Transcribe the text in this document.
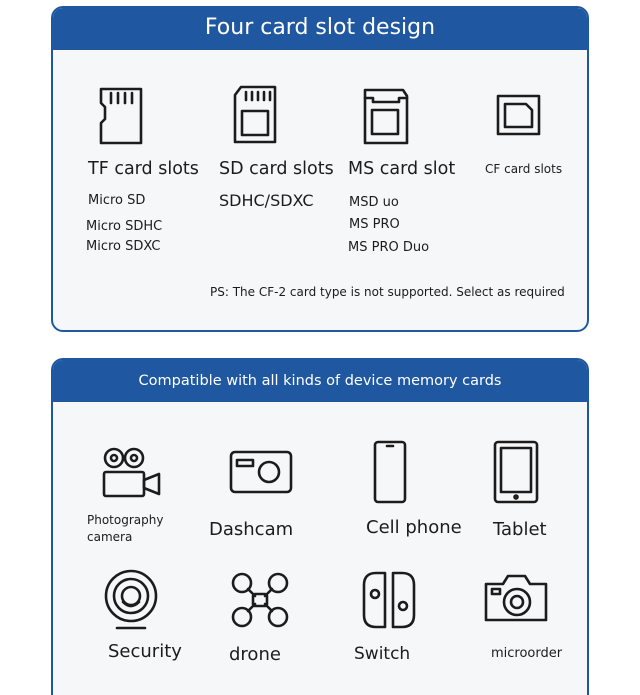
Four card slot design
TF card slots
Micro SD
Micro SDHC
Micro SDXC
SD card slots
SDHC/SDXC
MS card slot
MSD uo
MS PRO
MS PRO Duo
CF card slots
PS: The CF-2 card type is not supported. Select as required
Compatible with all kinds of device memory cards
Photography camera	Dashcam	Cell phone Tablet
Security	drone	Switch	microorder
